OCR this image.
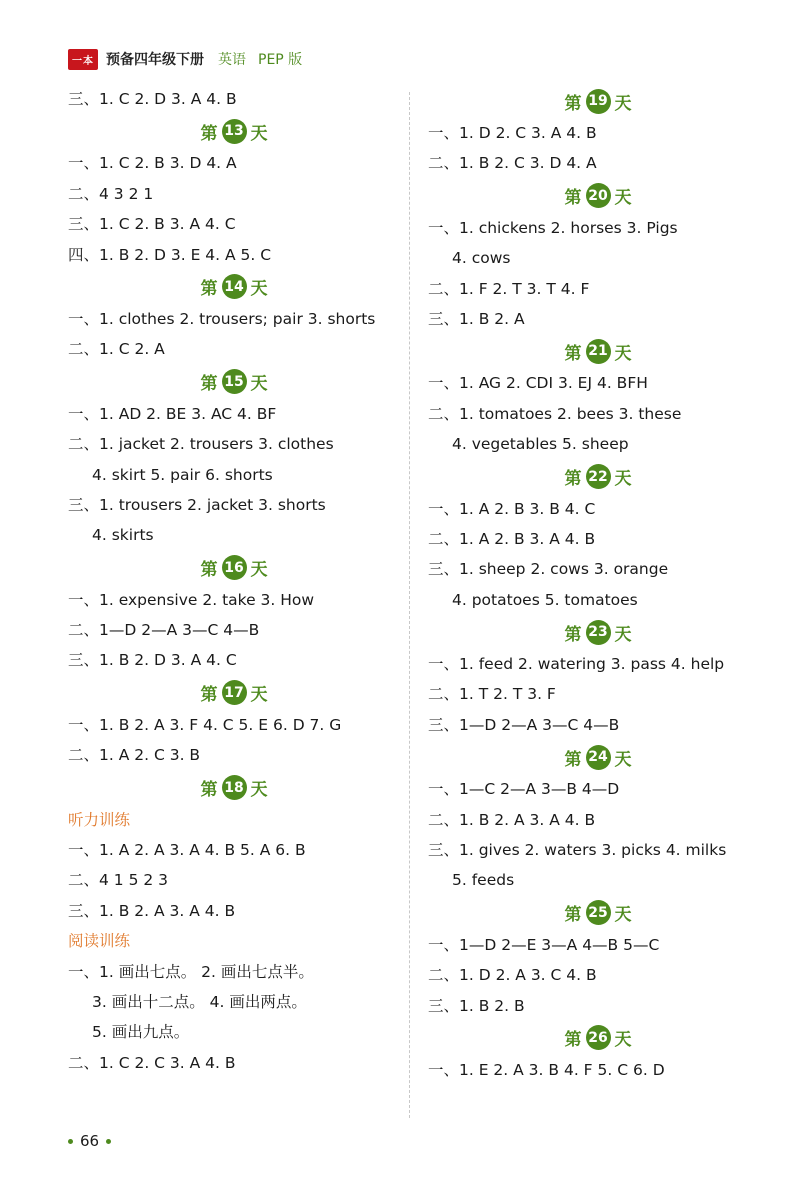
一本 预备四年级下册 英语 PEP 版
三、1. C 2. D 3. A 4. B
第 13 天
一、1. C 2. B 3. D 4. A
二、4 3 2 1
三、1. C 2. B 3. A 4. C
四、1. B 2. D 3. E 4. A 5. C
第 14 天
一、1. clothes 2. trousers; pair 3. shorts
二、1. C 2. A
第 15 天
一、1. AD 2. BE 3. AC 4. BF
二、1. jacket 2. trousers 3. clothes
4. skirt 5. pair 6. shorts
三、1. trousers 2. jacket 3. shorts
4. skirts
第 16 天
一、1. expensive 2. take 3. How
二、1—D 2—A 3—C 4—B
三、1. B 2. D 3. A 4. C
第 17 天
一、1. B 2. A 3. F 4. C 5. E 6. D 7. G
二、1. A 2. C 3. B
第 18 天
听力训练
一、1. A 2. A 3. A 4. B 5. A 6. B
二、4 1 5 2 3
三、1. B 2. A 3. A 4. B
阅读训练
一、1. 画出七点。 2. 画出七点半。
3. 画出十二点。 4. 画出两点。
5. 画出九点。
二、1. C 2. C 3. A 4. B
第 19 天
一、1. D 2. C 3. A 4. B
二、1. B 2. C 3. D 4. A
第 20 天
一、1. chickens 2. horses 3. Pigs
4. cows
二、1. F 2. T 3. T 4. F
三、1. B 2. A
第 21 天
一、1. AG 2. CDI 3. EJ 4. BFH
二、1. tomatoes 2. bees 3. these
4. vegetables 5. sheep
第 22 天
一、1. A 2. B 3. B 4. C
二、1. A 2. B 3. A 4. B
三、1. sheep 2. cows 3. orange
4. potatoes 5. tomatoes
第 23 天
一、1. feed 2. watering 3. pass 4. help
二、1. T 2. T 3. F
三、1—D 2—A 3—C 4—B
第 24 天
一、1—C 2—A 3—B 4—D
二、1. B 2. A 3. A 4. B
三、1. gives 2. waters 3. picks 4. milks
5. feeds
第 25 天
一、1—D 2—E 3—A 4—B 5—C
二、1. D 2. A 3. C 4. B
三、1. B 2. B
第 26 天
一、1. E 2. A 3. B 4. F 5. C 6. D
66
